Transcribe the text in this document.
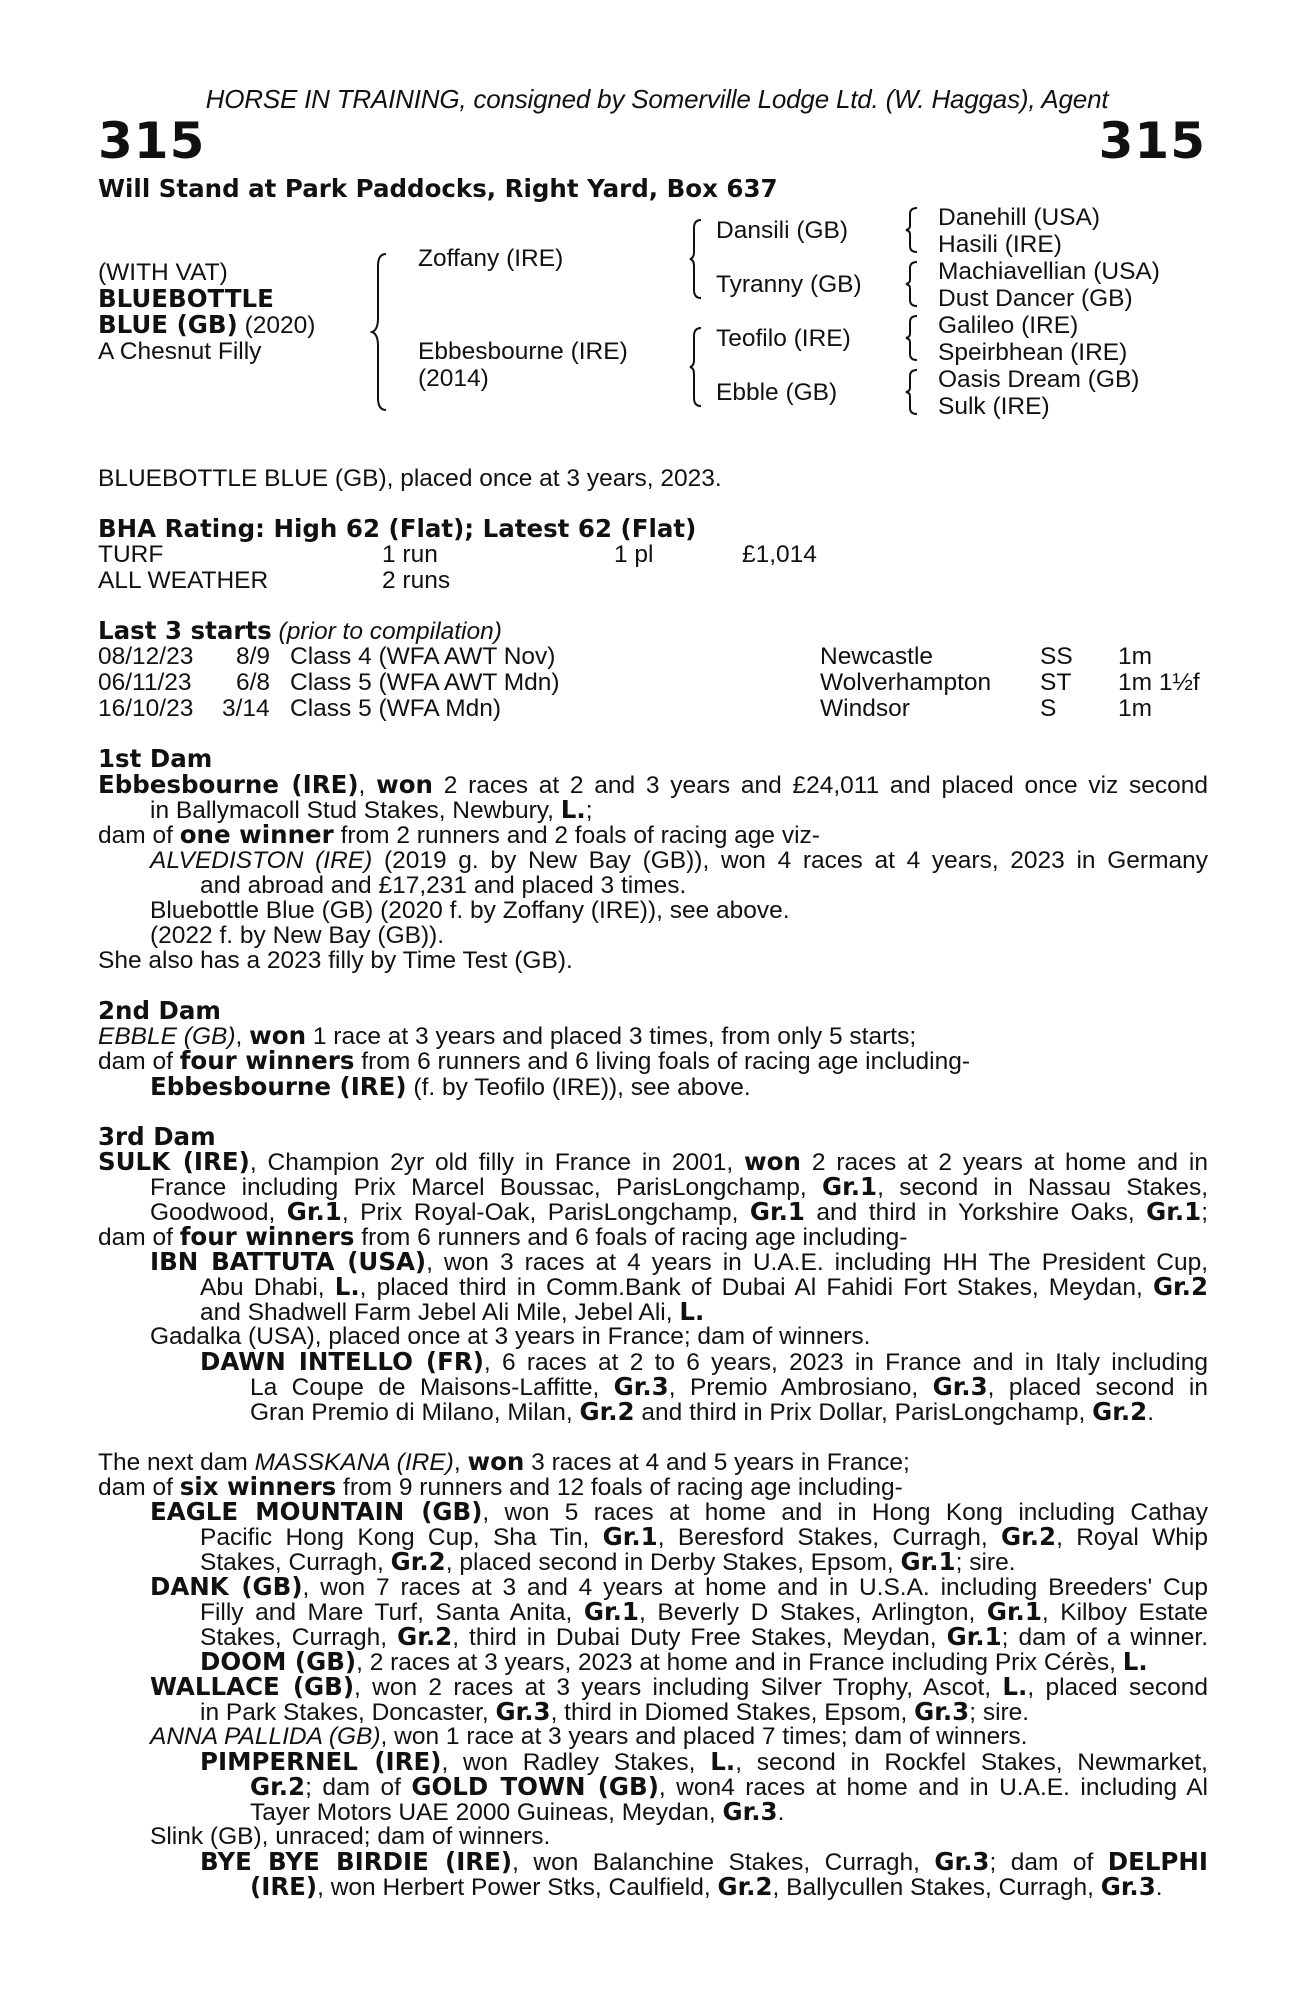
HORSE IN TRAINING, consigned by Somerville Lodge Ltd. (W. Haggas), Agent
315	315
Will Stand at Park Paddocks, Right Yard, Box 637
(WITH VAT)
BLUEBOTTLE
BLUE (GB) (2020)
A Chesnut Filly
Zoffany (IRE)
Ebbesbourne (IRE)
(2014)
Dansili (GB)
Tyranny (GB)
Teofilo (IRE)
Ebble (GB)
Danehill (USA)
Hasili (IRE)
Machiavellian (USA)
Dust Dancer (GB)
Galileo (IRE)
Speirbhean (IRE)
Oasis Dream (GB)
Sulk (IRE)
BLUEBOTTLE BLUE (GB), placed once at 3 years, 2023.
BHA Rating: High 62 (Flat); Latest 62 (Flat)
TURF	1 run	1 pl	£1,014
ALL WEATHER	2 runs
Last 3 starts (prior to compilation)
08/12/23 8/9 Class 4 (WFA AWT Nov)	Newcastle	SS 1m
06/11/23 6/8 Class 5 (WFA AWT Mdn)	Wolverhampton ST 1m 1½f
16/10/23 3/14 Class 5 (WFA Mdn)	Windsor	S	1m
1st Dam
Ebbesbourne (IRE), won 2 races at 2 and 3 years and £24,011 and placed once viz second
in Ballymacoll Stud Stakes, Newbury, L.;
dam of one winner from 2 runners and 2 foals of racing age viz-
ALVEDISTON (IRE) (2019 g. by New Bay (GB)), won 4 races at 4 years, 2023 in Germany
and abroad and £17,231 and placed 3 times.
Bluebottle Blue (GB) (2020 f. by Zoffany (IRE)), see above.
(2022 f. by New Bay (GB)).
She also has a 2023 filly by Time Test (GB).
2nd Dam
EBBLE (GB), won 1 race at 3 years and placed 3 times, from only 5 starts;
dam of four winners from 6 runners and 6 living foals of racing age including-
Ebbesbourne (IRE) (f. by Teofilo (IRE)), see above.
3rd Dam
SULK (IRE), Champion 2yr old filly in France in 2001, won 2 races at 2 years at home and in
France including Prix Marcel Boussac, ParisLongchamp, Gr.1, second in Nassau Stakes,
Goodwood, Gr.1, Prix Royal-Oak, ParisLongchamp, Gr.1 and third in Yorkshire Oaks, Gr.1;
dam of four winners from 6 runners and 6 foals of racing age including-
IBN BATTUTA (USA), won 3 races at 4 years in U.A.E. including HH The President Cup,
Abu Dhabi, L., placed third in Comm.Bank of Dubai Al Fahidi Fort Stakes, Meydan, Gr.2
and Shadwell Farm Jebel Ali Mile, Jebel Ali, L.
Gadalka (USA), placed once at 3 years in France; dam of winners.
DAWN INTELLO (FR), 6 races at 2 to 6 years, 2023 in France and in Italy including
La Coupe de Maisons-Laffitte, Gr.3, Premio Ambrosiano, Gr.3, placed second in
Gran Premio di Milano, Milan, Gr.2 and third in Prix Dollar, ParisLongchamp, Gr.2.
The next dam MASSKANA (IRE), won 3 races at 4 and 5 years in France;
dam of six winners from 9 runners and 12 foals of racing age including-
EAGLE MOUNTAIN (GB), won 5 races at home and in Hong Kong including Cathay
Pacific Hong Kong Cup, Sha Tin, Gr.1, Beresford Stakes, Curragh, Gr.2, Royal Whip
Stakes, Curragh, Gr.2, placed second in Derby Stakes, Epsom, Gr.1; sire.
DANK (GB), won 7 races at 3 and 4 years at home and in U.S.A. including Breeders' Cup
Filly and Mare Turf, Santa Anita, Gr.1, Beverly D Stakes, Arlington, Gr.1, Kilboy Estate
Stakes, Curragh, Gr.2, third in Dubai Duty Free Stakes, Meydan, Gr.1; dam of a winner.
DOOM (GB), 2 races at 3 years, 2023 at home and in France including Prix Cérès, L.
WALLACE (GB), won 2 races at 3 years including Silver Trophy, Ascot, L., placed second
in Park Stakes, Doncaster, Gr.3, third in Diomed Stakes, Epsom, Gr.3; sire.
ANNA PALLIDA (GB), won 1 race at 3 years and placed 7 times; dam of winners.
PIMPERNEL (IRE), won Radley Stakes, L., second in Rockfel Stakes, Newmarket,
Gr.2; dam of GOLD TOWN (GB), won4 races at home and in U.A.E. including Al
Tayer Motors UAE 2000 Guineas, Meydan, Gr.3.
Slink (GB), unraced; dam of winners.
BYE BYE BIRDIE (IRE), won Balanchine Stakes, Curragh, Gr.3; dam of DELPHI
(IRE), won Herbert Power Stks, Caulfield, Gr.2, Ballycullen Stakes, Curragh, Gr.3.
